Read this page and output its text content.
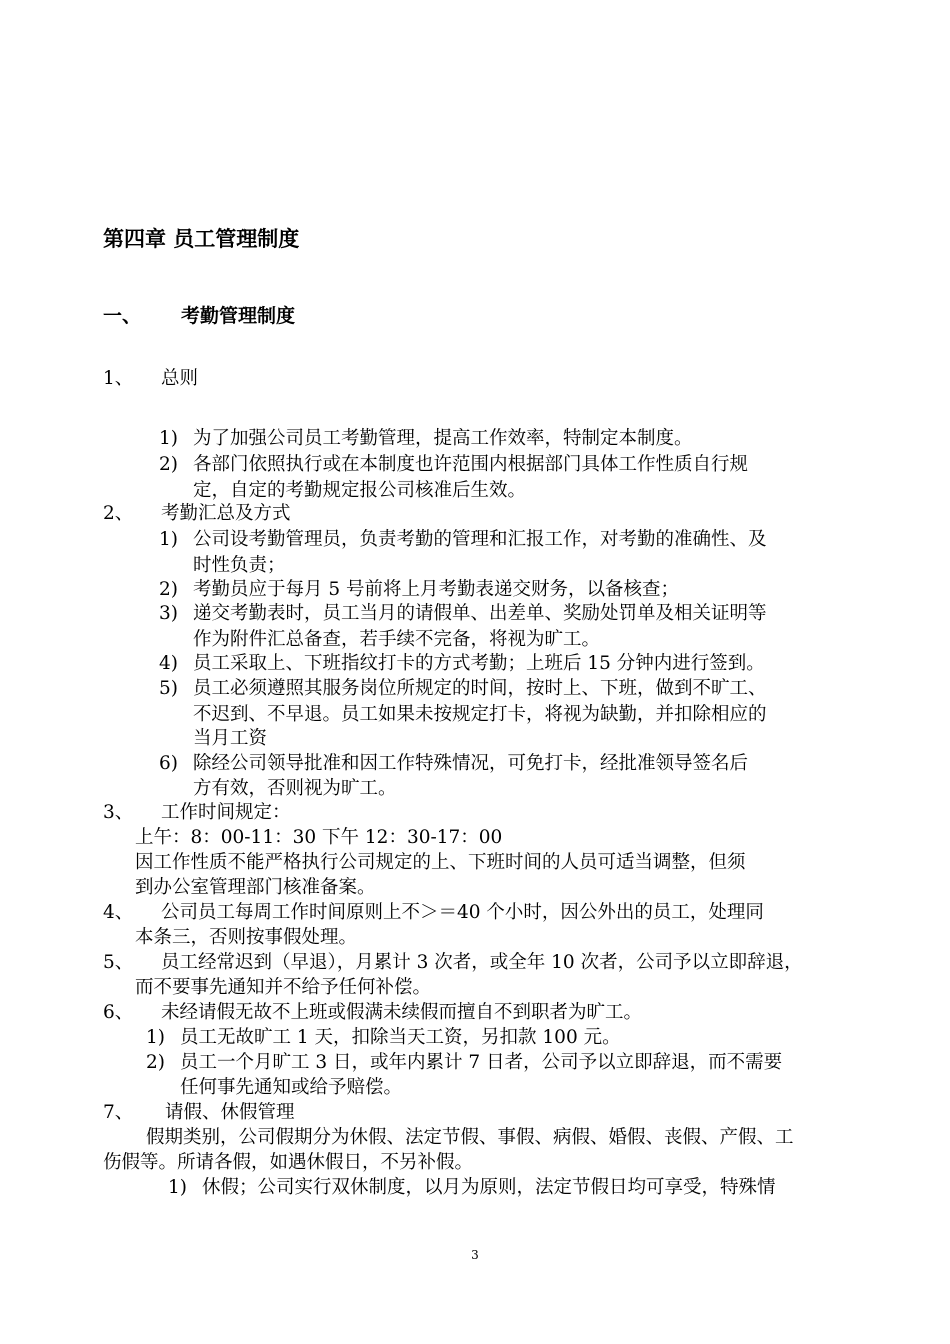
第四章 员工管理制度
一、 考勤管理制度
1、 总则
1) 为了加强公司员工考勤管理，提高工作效率，特制定本制度。
2) 各部门依照执行或在本制度也许范围内根据部门具体工作性质自行规
定，自定的考勤规定报公司核准后生效。
2、 考勤汇总及方式
1) 公司设考勤管理员，负责考勤的管理和汇报工作，对考勤的准确性、及
时性负责；
2) 考勤员应于每月 5 号前将上月考勤表递交财务，以备核查；
3) 递交考勤表时，员工当月的请假单、出差单、奖励处罚单及相关证明等
作为附件汇总备查，若手续不完备，将视为旷工。
4) 员工采取上、下班指纹打卡的方式考勤；上班后 15 分钟内进行签到。
5) 员工必须遵照其服务岗位所规定的时间，按时上、下班，做到不旷工、
不迟到、不早退。员工如果未按规定打卡，将视为缺勤，并扣除相应的
当月工资
6) 除经公司领导批准和因工作特殊情况，可免打卡，经批准领导签名后
方有效，否则视为旷工。
3、 工作时间规定：
上午：8：00-11：30 下午 12：30-17：00
因工作性质不能严格执行公司规定的上、下班时间的人员可适当调整，但须
到办公室管理部门核准备案。
4、 公司员工每周工作时间原则上不＞＝40 个小时，因公外出的员工，处理同
本条三，否则按事假处理。
5、 员工经常迟到（早退），月累计 3 次者，或全年 10 次者，公司予以立即辞退，
而不要事先通知并不给予任何补偿。
6、 未经请假无故不上班或假满未续假而擅自不到职者为旷工。
1) 员工无故旷工 1 天，扣除当天工资，另扣款 100 元。
2) 员工一个月旷工 3 日，或年内累计 7 日者，公司予以立即辞退，而不需要
任何事先通知或给予赔偿。
7、 请假、休假管理
假期类别，公司假期分为休假、法定节假、事假、病假、婚假、丧假、产假、工
伤假等。所请各假，如遇休假日，不另补假。
1) 休假；公司实行双休制度，以月为原则，法定节假日均可享受，特殊情
3
